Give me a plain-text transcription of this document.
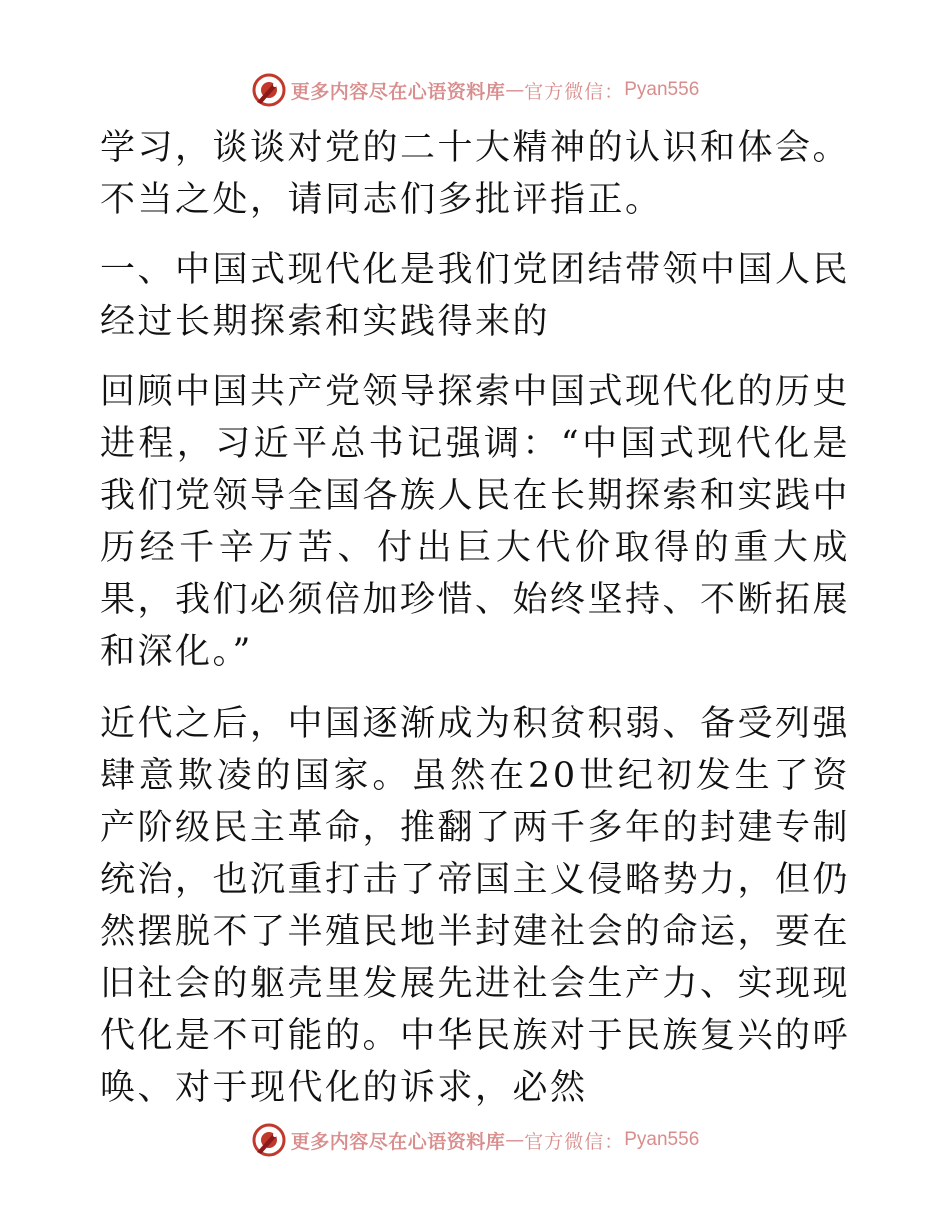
更多内容尽在心语资料库 — 官方微信： Pyan556

学习，谈谈对党的二十大精神的认识和体会。不当之处，请同志们多批评指正。

一、中国式现代化是我们党团结带领中国人民经过长期探索和实践得来的

回顾中国共产党领导探索中国式现代化的历史进程，习近平总书记强调：“中国式现代化是我们党领导全国各族人民在长期探索和实践中历经千辛万苦、付出巨大代价取得的重大成果，我们必须倍加珍惜、始终坚持、不断拓展和深化。”

近代之后，中国逐渐成为积贫积弱、备受列强肆意欺凌的国家。虽然在20世纪初发生了资产阶级民主革命，推翻了两千多年的封建专制统治，也沉重打击了帝国主义侵略势力，但仍然摆脱不了半殖民地半封建社会的命运，要在旧社会的躯壳里发展先进社会生产力、实现现代化是不可能的。中华民族对于民族复兴的呼唤、对于现代化的诉求，必然

更多内容尽在心语资料库 — 官方微信： Pyan556
